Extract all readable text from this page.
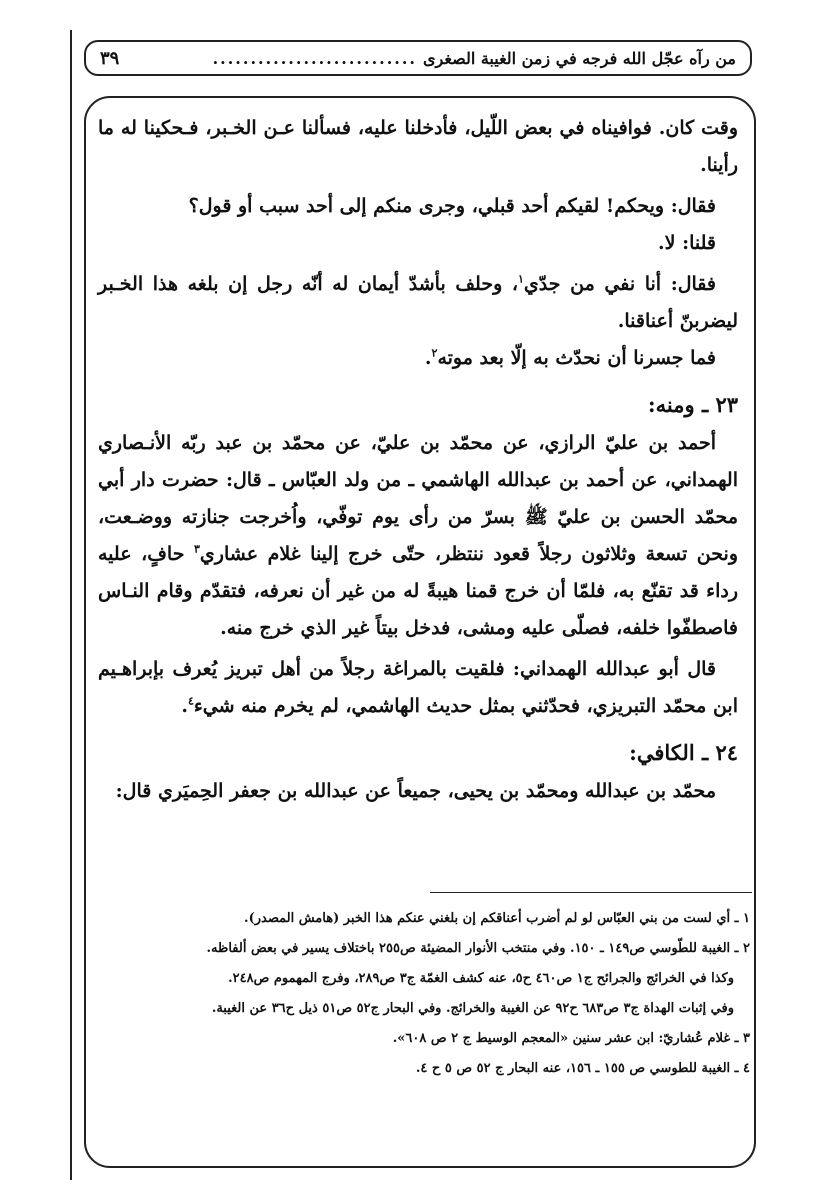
من رآه عجّل الله فرجه في زمن الغيبة الصغرى
...........................
٣٩

وقت كان. فوافيناه في بعض اللّيل، فأدخلنا عليه، فسألنا عـن الخـبر، فـحكينا له ما رأينا.

فقال: ويحكم! لقيكم أحد قبلي، وجرى منكم إلى أحد سبب أو قول؟

قلنا: لا.

فقال: أنا نفي من جدّي$^١$، وحلف بأشدّ أيمان له أنّه رجل إن بلغه هذا الخـبر ليضربنّ أعناقنا.

فما جسرنا أن نحدّث به إلّا بعد موته$^٢$.

٢٣ ـ ومنه:

أحمد بن عليّ الرازي، عن محمّد بن عليّ، عن محمّد بن عبد ربّه الأنـصاري الهمداني، عن أحمد بن عبدالله الهاشمي ـ من ولد العبّاس ـ قال: حضرت دار أبي محمّد الحسن بن عليّ ﷺ بسرّ من رأى يوم توفّي، واُخرجت جنازته ووضـعت، ونحن تسعة وثلاثون رجلاً قعود ننتظر، حتّى خرج إلينا غلام عشاري$^٣$ حافٍ، عليه رداء قد تقنّع به، فلمّا أن خرج قمنا هيبةً له من غير أن نعرفه، فتقدّم وقام النـاس فاصطفّوا خلفه، فصلّى عليه ومشى، فدخل بيتاً غير الذي خرج منه.

قال أبو عبدالله الهمداني: فلقيت بالمراغة رجلاً من أهل تبريز يُعرف بإبراهـيم ابن محمّد التبريزي، فحدّثني بمثل حديث الهاشمي، لم يخرم منه شيء$^٤$.

٢٤ ـ الكافي:

محمّد بن عبدالله ومحمّد بن يحيى، جميعاً عن عبدالله بن جعفر الحِميَري قال:

١ ـ أي لست من بني العبّاس لو لم أضرب أعناقكم إن بلغني عنكم هذا الخبر (هامش المصدر).

٢ ـ الغيبة للطّوسي ص١٤٩ ـ ١٥٠. وفي منتخب الأنوار المضيئة ص٢٥٥ باختلاف يسير في بعض ألفاظه.

وكذا في الخرائج والجرائح ج١ ص٤٦٠ ح٥، عنه كشف الغمّة ج٣ ص٢٨٩، وفرج المهموم ص٢٤٨.

وفي إثبات الهداة ج٣ ص٦٨٣ ح٩٢ عن الغيبة والخرائج. وفي البحار ج٥٢ ص٥١ ذيل ح٣٦ عن الغيبة.

٣ ـ غلام عُشاريّ: ابن عشر سنين «المعجم الوسيط ج ٢ ص ٦٠٨».

٤ ـ الغيبة للطوسي ص ١٥٥ ـ ١٥٦، عنه البحار ج ٥٢ ص ٥ ح ٤.
